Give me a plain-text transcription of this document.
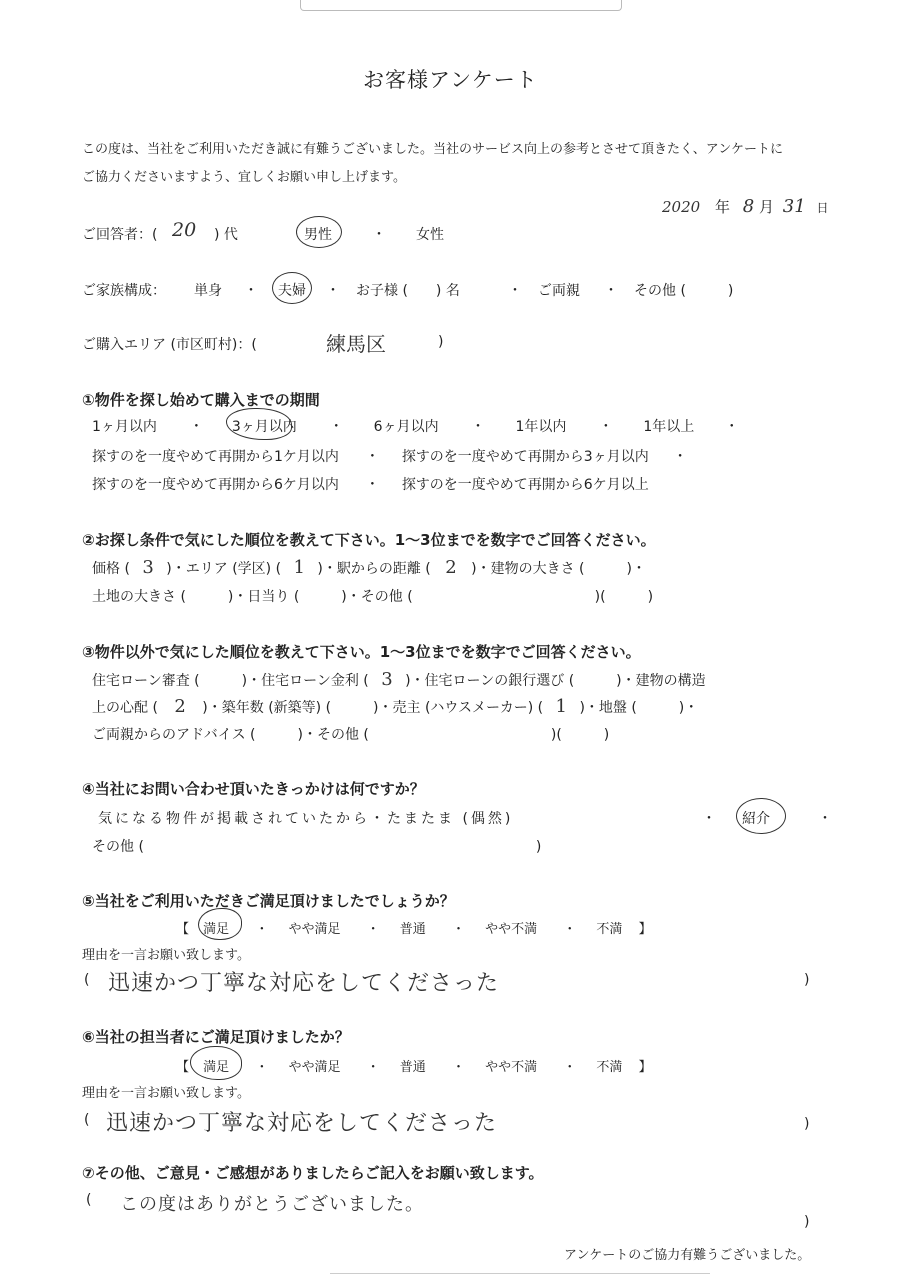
お客様アンケート
この度は、当社をご利用いただき誠に有難うございました。当社のサービス向上の参考とさせて頂きたく、アンケートに
ご協力くださいますよう、宜しくお願い申し上げます。
2020 年 8 月 31 日
ご回答者：( 20 ) 代	男性	・ 女性
ご家族構成： 単身 ・ 夫婦 ・ お子様 (　　) 名	・ ご両親 ・ その他 (　　　)
ご購入エリア (市区町村)：(	練馬区	)
①物件を探し始めて購入までの期間
1ヶ月以内 ・ 3ヶ月以内 ・ 6ヶ月以内 ・ 1年以内 ・ 1年以上 ・
探すのを一度やめて再開から1ケ月以内 ・ 探すのを一度やめて再開から3ヶ月以内 ・
探すのを一度やめて再開から6ケ月以内 ・ 探すのを一度やめて再開から6ケ月以上
②お探し条件で気にした順位を教えて下さい。1〜3位までを数字でご回答ください。
価格 ( 3 )・エリア (学区) ( 1 )・駅からの距離 ( 2 )・建物の大きさ (　　　)・
土地の大きさ (　　　)・日当り (　　　)・その他 (　　　　　　　　　　　　　)(　　　)
③物件以外で気にした順位を教えて下さい。1〜3位までを数字でご回答ください。
住宅ローン審査 (　　　)・住宅ローン金利 ( 3 )・住宅ローンの銀行選び (　　　)・建物の構造
上の心配 ( 2 )・築年数 (新築等) (　　　)・売主 (ハウスメーカー) ( 1 )・地盤 (　　　)・
ご両親からのアドバイス (　　　)・その他 (　　　　　　　　　　　　　)(　　　)
④当社にお問い合わせ頂いたきっかけは何ですか？
気になる物件が掲載されていたから・たまたま (偶然)	・ 紹介	・
その他 (　　　　　　　　　　　　　　　　　　　　　　　　　　　　)
⑤当社をご利用いただきご満足頂けましたでしょうか？
【 満足 ・ やや満足 ・ 普通 ・ やや不満 ・ 不満 】
理由を一言お願い致します。
( 迅速かつ丁寧な対応をしてくださった	)
⑥当社の担当者にご満足頂けましたか？
【 満足 ・ やや満足 ・ 普通 ・ やや不満 ・ 不満 】
理由を一言お願い致します。
( 迅速かつ丁寧な対応をしてくださった	)
⑦その他、ご意見・ご感想がありましたらご記入をお願い致します。
( この度はありがとうございました。
)
アンケートのご協力有難うございました。
